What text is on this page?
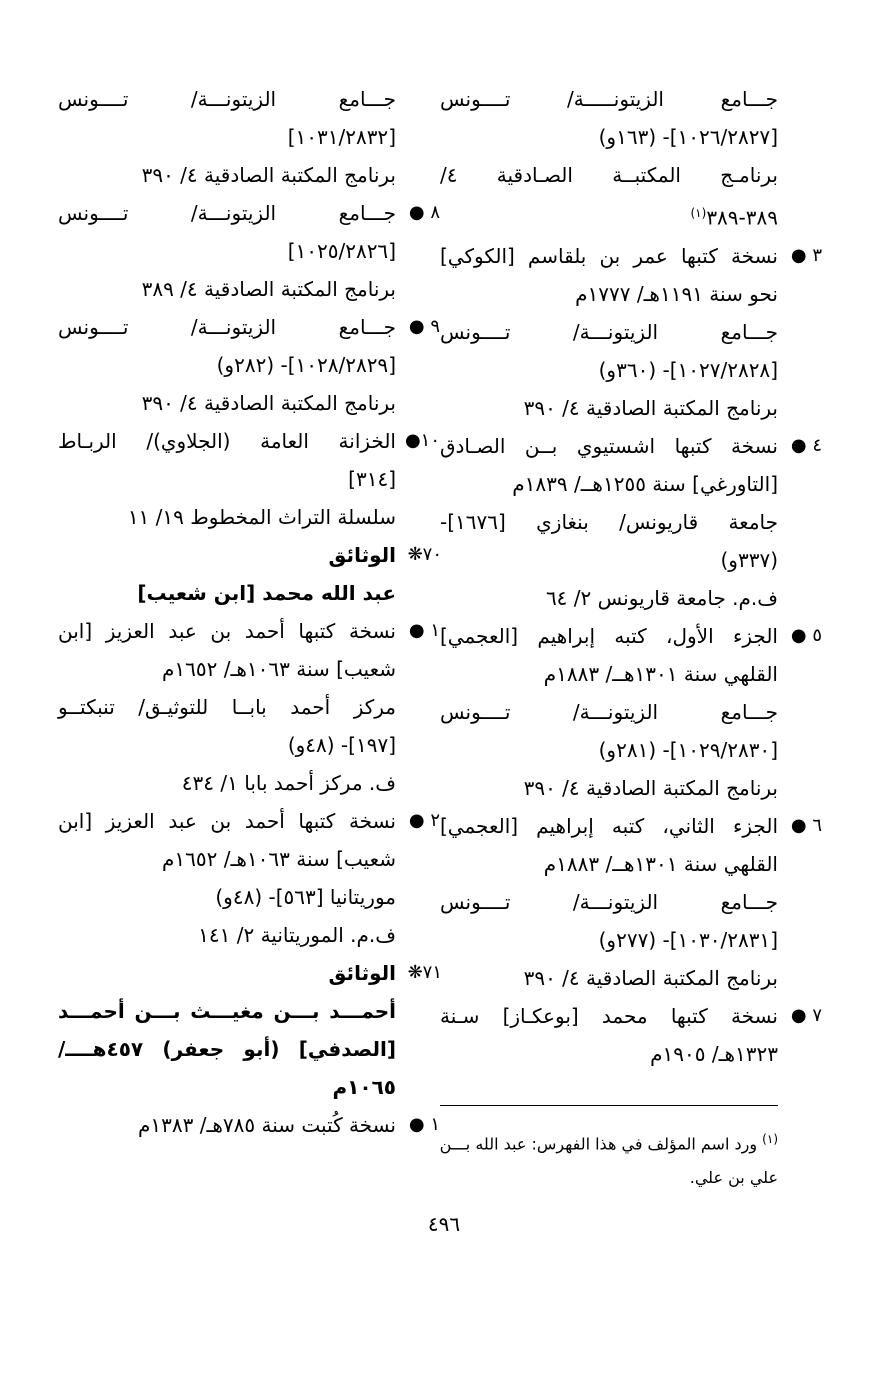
جـــامع الزيتونـــــة/ تــــونس
[١٠٢٦/٢٨٢٧]- (١٦٣و)
برنامـج المكتبــة الصـادقية ٤/
٣٨٩-٣٨٩$^{(١)}$
٣ ●
نسخة كتبها عمر بن بلقاسم [الكوكي]
نحو سنة ١١٩١هـ/ ١٧٧٧م
جـــامع الزيتونـــة/ تــــونس
[١٠٢٧/٢٨٢٨]- (٣٦٠و)
برنامج المكتبة الصادقية ٤/ ٣٩٠
٤ ●
نسخة كتبها اشستيوي بــن الصـادق
[التاورغي] سنة ١٢٥٥هــ/ ١٨٣٩م
جامعة قاريونس/ بنغازي [١٦٧٦]-
(٣٣٧و)
ف.م. جامعة قاريونس ٢/ ٦٤
٥ ●
الجزء الأول، كتبه إبراهيم [العجمي]
القلهي سنة ١٣٠١هــ/ ١٨٨٣م
جـــامع الزيتونـــة/ تــــونس
[١٠٢٩/٢٨٣٠]- (٢٨١و)
برنامج المكتبة الصادقية ٤/ ٣٩٠
٦ ●
الجزء الثاني، كتبه إبراهيم [العجمي]
القلهي سنة ١٣٠١هــ/ ١٨٨٣م
جـــامع الزيتونـــة/ تــــونس
[١٠٣٠/٢٨٣١]- (٢٧٧و)
برنامج المكتبة الصادقية ٤/ ٣٩٠
٧ ●
نسخة كتبها محمد [بوعكـاز] سـنة
١٣٢٣هـ/ ١٩٠٥م
جـــامع الزيتونـــة/ تــــونس
[١٠٣١/٢٨٣٢]
برنامج المكتبة الصادقية ٤/ ٣٩٠
٨ ●
جـــامع الزيتونـــة/ تــــونس
[١٠٢٥/٢٨٢٦]
برنامج المكتبة الصادقية ٤/ ٣٨٩
٩ ●
جـــامع الزيتونـــة/ تــــونس
[١٠٢٨/٢٨٢٩]- (٢٨٢و)
برنامج المكتبة الصادقية ٤/ ٣٩٠
١٠●
الخزانة العامة (الجلاوي)/ الربـاط
[٣١٤]
سلسلة التراث المخطوط ١٩/ ١١
٧٠❋
الوثائق
عبد الله محمد [ابن شعيب]
١ ●
نسخة كتبها أحمد بن عبد العزيز [ابن
شعيب] سنة ١٠٦٣هـ/ ١٦٥٢م
مركز أحمد بابــا للتوثيـق/ تنبكتــو
[١٩٧]- (٤٨و)
ف. مركز أحمد بابا ١/ ٤٣٤
٢ ●
نسخة كتبها أحمد بن عبد العزيز [ابن
شعيب] سنة ١٠٦٣هـ/ ١٦٥٢م
موريتانيا [٥٦٣]- (٤٨و)
ف.م. الموريتانية ٢/ ١٤١
٧١❋
الوثائق
أحمـــد بـــن مغيـــث بـــن أحمـــد
[الصدفي] (أبو جعفر) ٤٥٧هــــ/
١٠٦٥م
١ ●
نسخة كُتبت سنة ٧٨٥هـ/ ١٣٨٣م
$^{(١)}$ ورد اسم المؤلف في هذا الفهرس: عبد الله بـــن
علي بن علي.
٤٩٦
